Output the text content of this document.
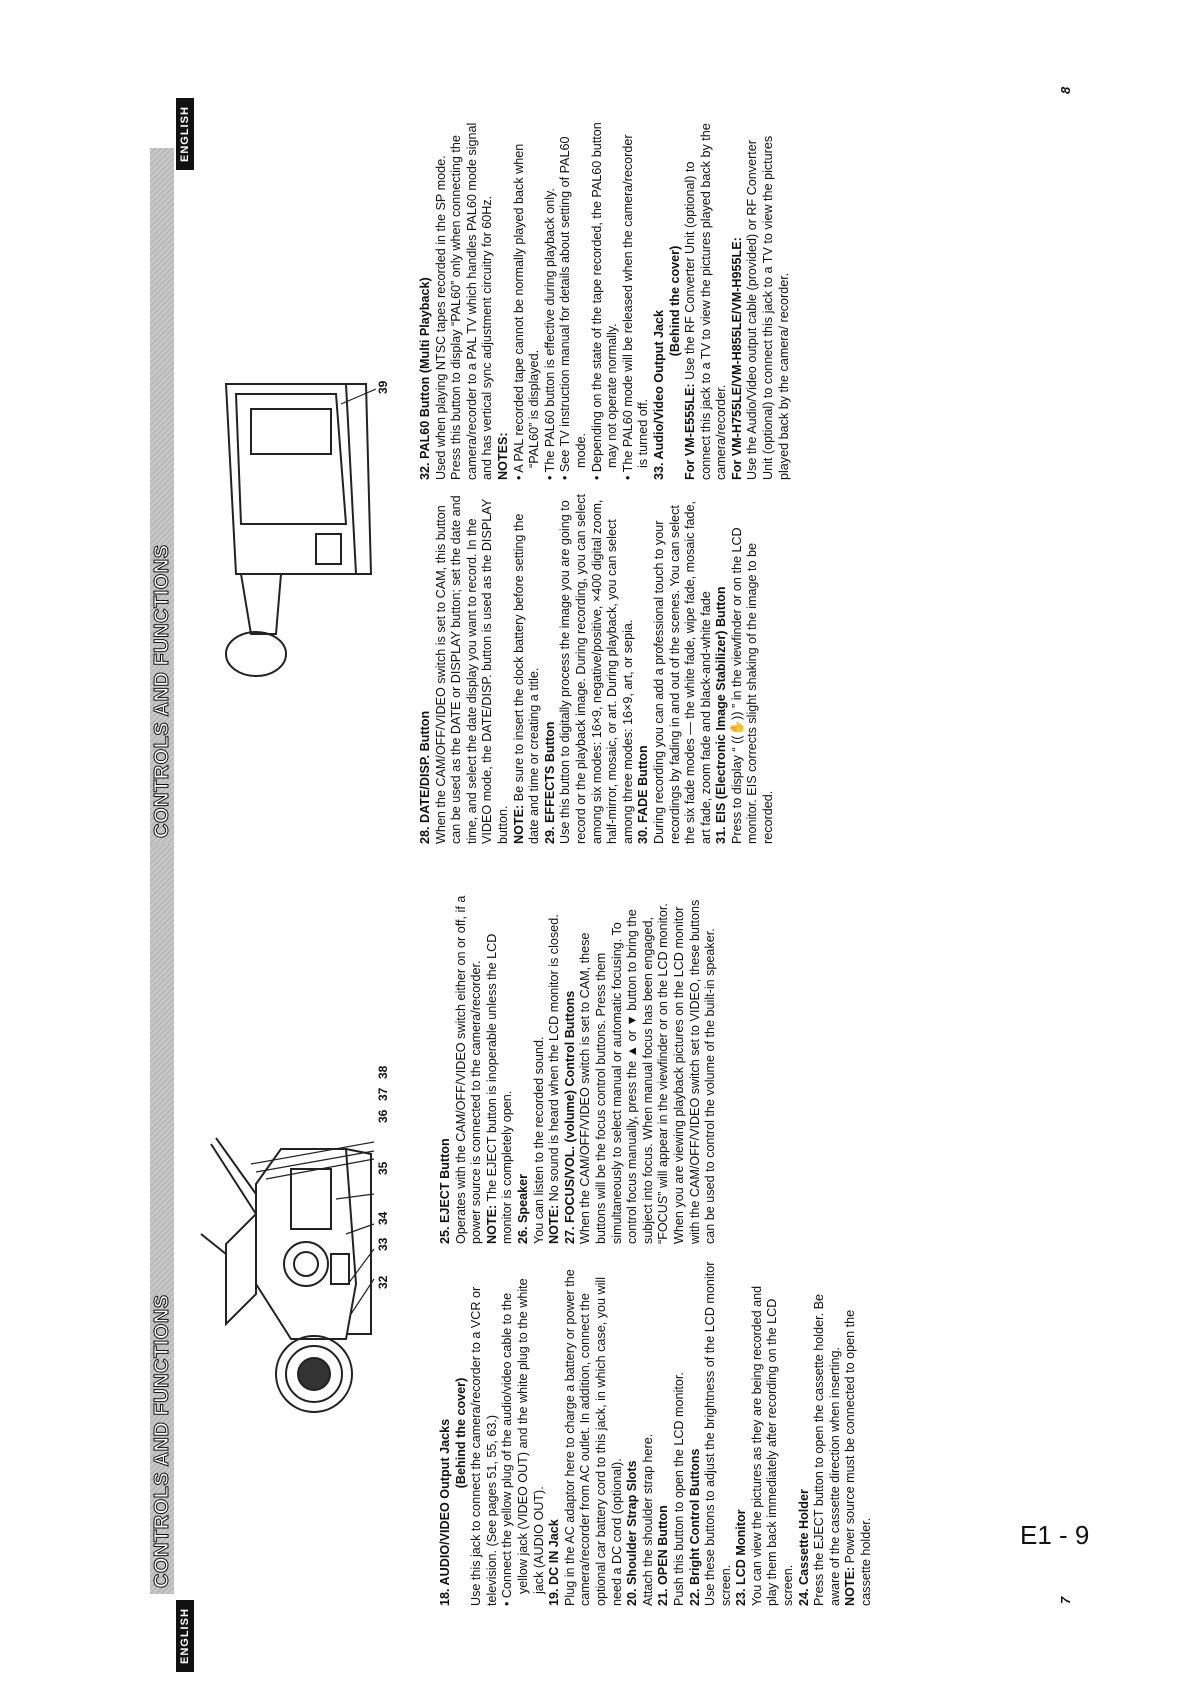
ENGLISH
CONTROLS AND FUNCTIONS
32
33
34
35
36
37
38

18. AUDIO/VIDEO Output Jacks (Behind the cover) Use this jack to connect the camera/recorder to a VCR or television. (See pages 51, 55, 63.) • Connect the yellow plug of the audio/video cable to the yellow jack (VIDEO OUT) and the white plug to the white jack (AUDIO OUT). 19. DC IN Jack Plug in the AC adaptor here to charge a battery or power the camera/recorder from AC outlet. In addition, connect the optional car battery cord to this jack, in which case, you will need a DC cord (optional). 20. Shoulder Strap Slots Attach the shoulder strap here. 21. OPEN Button Push this button to open the LCD monitor. 22. Bright Control Buttons Use these buttons to adjust the brightness of the LCD monitor screen. 23. LCD Monitor You can view the pictures as they are being recorded and play them back immediately after recording on the LCD screen. 24. Cassette Holder Press the EJECT button to open the cassette holder. Be aware of the cassette direction when inserting. NOTE: Power source must be connected to open the cassette holder.

25. EJECT Button Operates with the CAM/OFF/VIDEO switch either on or off, if a power source is connected to the camera/recorder. NOTE: The EJECT button is inoperable unless the LCD monitor is completely open. 26. Speaker You can listen to the recorded sound. NOTE: No sound is heard when the LCD monitor is closed. 27. FOCUS/VOL. (volume) Control Buttons When the CAM/OFF/VIDEO switch is set to CAM, these buttons will be the focus control buttons. Press them simultaneously to select manual or automatic focusing. To control focus manually, press the ▲ or ▼ button to bring the subject into focus. When manual focus has been engaged, “FOCUS” will appear in the viewfinder or on the LCD monitor. When you are viewing playback pictures on the LCD monitor with the CAM/OFF/VIDEO switch set to VIDEO, these buttons can be used to control the volume of the built-in speaker.

7
CONTROLS AND FUNCTIONS
ENGLISH
39

28. DATE/DISP. Button When the CAM/OFF/VIDEO switch is set to CAM, this button can be used as the DATE or DISPLAY button; set the date and time, and select the date display you want to record. In the VIDEO mode, the DATE/DISP. button is used as the DISPLAY button. NOTE: Be sure to insert the clock battery before setting the date and time or creating a title. 29. EFFECTS Button Use this button to digitally process the image you are going to record or the playback image. During recording, you can select among six modes: 16×9, negative/positive, ×400 digital zoom, half-mirror, mosaic, or art. During playback, you can select among three modes: 16×9, art, or sepia. 30. FADE Button During recording you can add a professional touch to your recordings by fading in and out of the scenes. You can select the six fade modes — the white fade, wipe fade, mosaic fade, art fade, zoom fade and black-and-white fade 31. EIS (Electronic Image Stabilizer) Button Press to display “ ((✋)) ” in the viewfinder or on the LCD monitor. EIS corrects slight shaking of the image to be recorded.

32. PAL60 Button (Multi Playback) Used when playing NTSC tapes recorded in the SP mode. Press this button to display “PAL60” only when connecting the camera/recorder to a PAL TV which handles PAL60 mode signal and has vertical sync adjustment circuitry for 60Hz. NOTES: • A PAL recorded tape cannot be normally played back when “PAL60” is displayed. • The PAL60 button is effective during playback only. • See TV instruction manual for details about setting of PAL60 mode. • Depending on the state of the tape recorded, the PAL60 button may not operate normally. • The PAL60 mode will be released when the camera/recorder is turned off. 33. Audio/Video Output Jack

(Behind the cover)

For VM-E555LE: Use the RF Converter Unit (optional) to connect this jack to a TV to view the pictures played back by the camera/recorder. For VM-H755LE/VM-H855LE/VM-H955LE: Use the Audio/Video output cable (provided) or RF Converter Unit (optional) to connect this jack to a TV to view the pictures played back by the camera/ recorder.

8
E1 - 9
